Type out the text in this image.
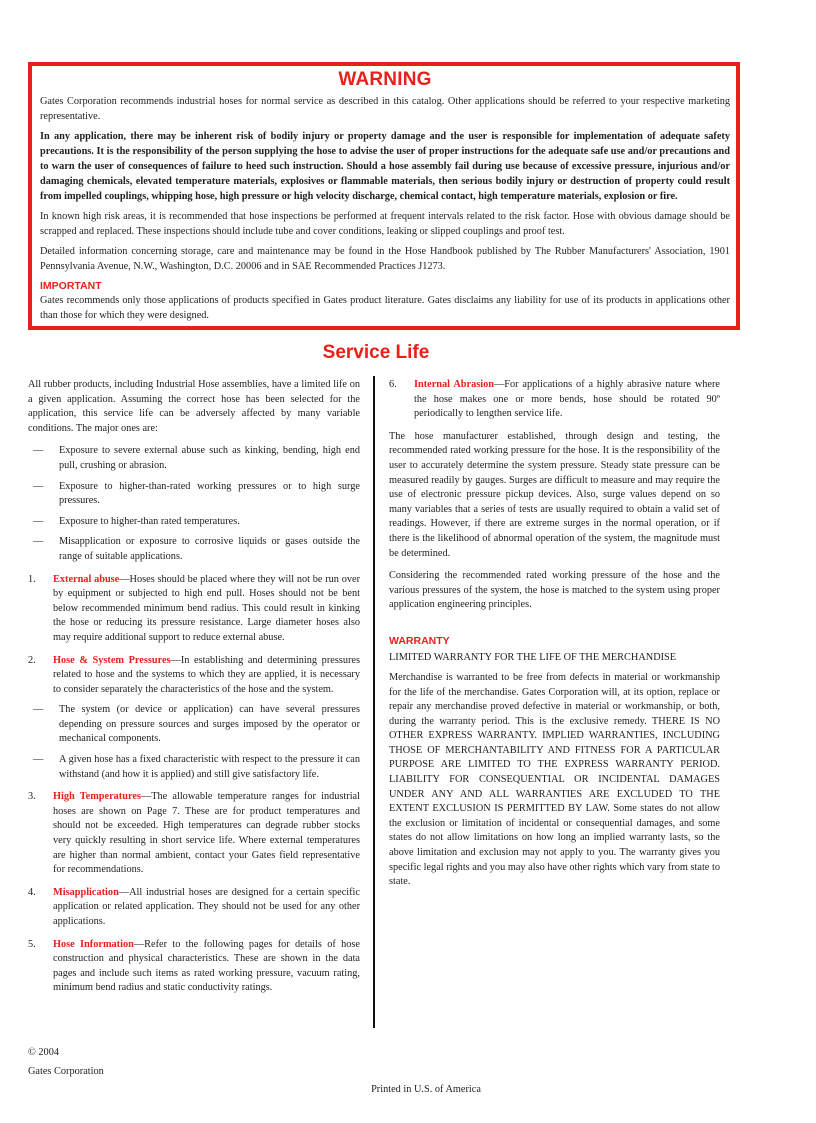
WARNING

Gates Corporation recommends industrial hoses for normal service as described in this catalog. Other applications should be referred to your respective marketing representative.

In any application, there may be inherent risk of bodily injury or property damage and the user is responsible for implementation of adequate safety precautions. It is the responsibility of the person supplying the hose to advise the user of proper instructions for the adequate safe use and/or precautions and to warn the user of consequences of failure to heed such instruction. Should a hose assembly fail during use because of excessive pressure, injurious and/or damaging chemicals, elevated temperature materials, explosives or flammable materials, then serious bodily injury or destruction of property could result from impelled couplings, whipping hose, high pressure or high velocity discharge, chemical contact, high temperature materials, explosion or fire.

In known high risk areas, it is recommended that hose inspections be performed at frequent intervals related to the risk factor. Hose with obvious damage should be scrapped and replaced. These inspections should include tube and cover conditions, leaking or slipped couplings and proof test.

Detailed information concerning storage, care and maintenance may be found in the Hose Handbook published by The Rubber Manufacturers' Association, 1901 Pennsylvania Avenue, N.W., Washington, D.C. 20006 and in SAE Recommended Practices J1273.

IMPORTANT

Gates recommends only those applications of products specified in Gates product literature. Gates disclaims any liability for use of its products in applications other than those for which they were designed.

Service Life

All rubber products, including Industrial Hose assemblies, have a limited life on a given application. Assuming the correct hose has been selected for the application, this service life can be adversely affected by many variable conditions. The major ones are:

— Exposure to severe external abuse such as kinking, bending, high end pull, crushing or abrasion.
— Exposure to higher-than-rated working pressures or to high surge pressures.
— Exposure to higher-than rated temperatures.
— Misapplication or exposure to corrosive liquids or gases outside the range of suitable applications.
1. External abuse—Hoses should be placed where they will not be run over by equipment or subjected to high end pull. Hoses should not be bent below recommended minimum bend radius. This could result in kinking the hose or reducing its pressure resistance. Large diameter hoses also may require additional support to reduce external abuse.
2. Hose & System Pressures—In establishing and determining pressures related to hose and the systems to which they are applied, it is necessary to consider separately the characteristics of the hose and the system.
— The system (or device or application) can have several pressures depending on pressure sources and surges imposed by the operator or mechanical components.
— A given hose has a fixed characteristic with respect to the pressure it can withstand (and how it is applied) and still give satisfactory life.
3. High Temperatures—The allowable temperature ranges for industrial hoses are shown on Page 7. These are for product temperatures and should not be exceeded. High temperatures can degrade rubber stocks very quickly resulting in short service life. Where external temperatures are higher than normal ambient, contact your Gates field representative for recommendations.
4. Misapplication—All industrial hoses are designed for a certain specific application or related application. They should not be used for any other applications.
5. Hose Information—Refer to the following pages for details of hose construction and physical characteristics. These are shown in the data pages and include such items as rated working pressure, vacuum rating, minimum bend radius and static conductivity ratings.
6. Internal Abrasion—For applications of a highly abrasive nature where the hose makes one or more bends, hose should be rotated 90º periodically to lengthen service life.

The hose manufacturer established, through design and testing, the recommended rated working pressure for the hose. It is the responsibility of the user to accurately determine the system pressure. Steady state pressure can be measured readily by gauges. Surges are difficult to measure and may require the use of electronic pressure pickup devices. Also, surge values depend on so many variables that a series of tests are usually required to obtain a valid set of readings. However, if there are extreme surges in the normal operation, or if there is the likelihood of abnormal operation of the system, the magnitude must be determined.

Considering the recommended rated working pressure of the hose and the various pressures of the system, the hose is matched to the system using proper application engineering principles.

WARRANTY
LIMITED WARRANTY FOR THE LIFE OF THE MERCHANDISE

Merchandise is warranted to be free from defects in material or workmanship for the life of the merchandise. Gates Corporation will, at its option, replace or repair any merchandise proved defective in material or workmanship, or both, during the warranty period. This is the exclusive remedy. THERE IS NO OTHER EXPRESS WARRANTY. IMPLIED WARRANTIES, INCLUDING THOSE OF MERCHANTABILITY AND FITNESS FOR A PARTICULAR PURPOSE ARE LIMITED TO THE EXPRESS WARRANTY PERIOD. LIABILITY FOR CONSEQUENTIAL OR INCIDENTAL DAMAGES UNDER ANY AND ALL WARRANTIES ARE EXCLUDED TO THE EXTENT EXCLUSION IS PERMITTED BY LAW. Some states do not allow the exclusion or limitation of incidental or consequential damages, and some states do not allow limitations on how long an implied warranty lasts, so the above limitation and exclusion may not apply to you. The warranty gives you specific legal rights and you may also have other rights which vary from state to state.

© 2004
Gates Corporation
Printed in U.S. of America
